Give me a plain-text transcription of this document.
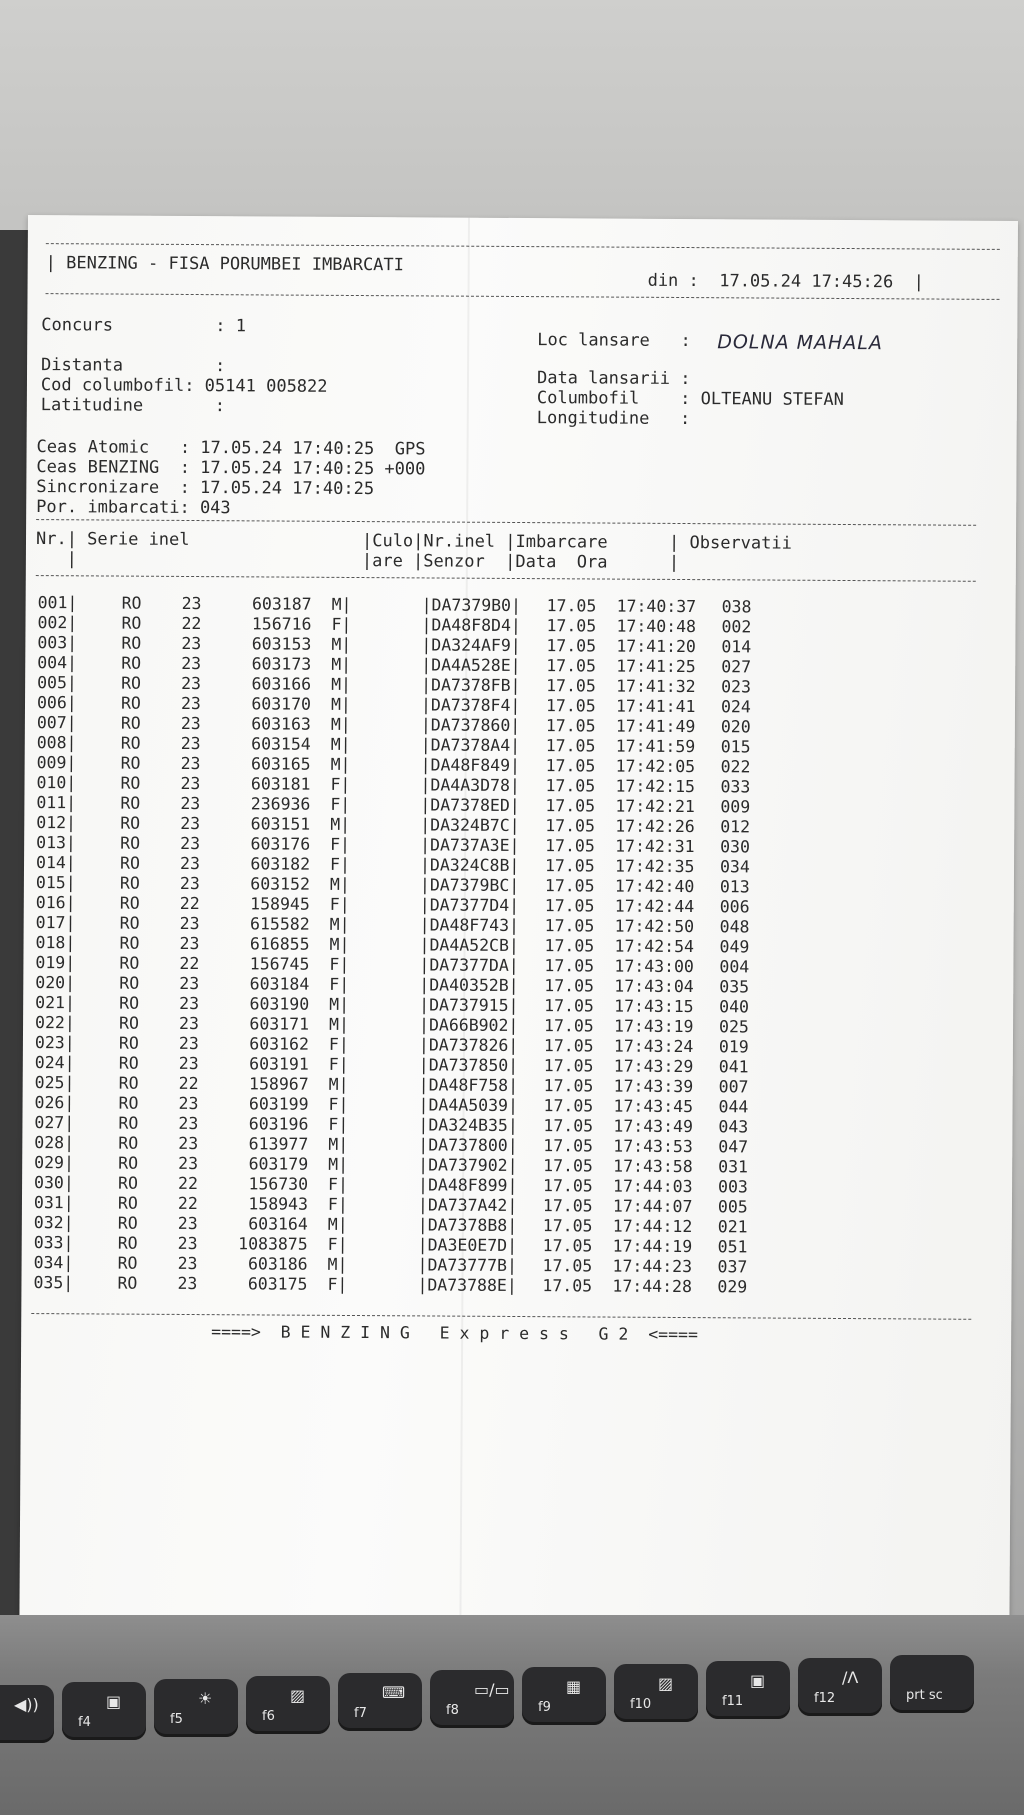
| BENZING - FISA PORUMBEI IMBARCATI
din :  17.05.24 17:45:26  |
Concurs          : 1
Distanta         :
Cod columbofil: 05141 005822
Latitudine       :
Loc lansare   : DOLNA MAHALA
Data lansarii :
Columbofil    : OLTEANU STEFAN
Longitudine   :
Ceas Atomic   : 17.05.24 17:40:25  GPS
Ceas BENZING  : 17.05.24 17:40:25 +000
Sincronizare  : 17.05.24 17:40:25
Por. imbarcati: 043
Nr.| Serie inel	|Culo|Nr.inel |Imbarcare      | Observatii
|	|are |Senzor  |Data  Ora      |
001|	RO 23	603187 M|	|DA7379B0| 17.05 17:40:37 038
002|	RO 22	156716 F|	|DA48F8D4| 17.05 17:40:48 002
003|	RO 23	603153 M|	|DA324AF9| 17.05 17:41:20 014
004|	RO 23	603173 M|	|DA4A528E| 17.05 17:41:25 027
005|	RO 23	603166 M|	|DA7378FB| 17.05 17:41:32 023
006|	RO 23	603170 M|	|DA7378F4| 17.05 17:41:41 024
007|	RO 23	603163 M|	|DA737860| 17.05 17:41:49 020
008|	RO 23	603154 M|	|DA7378A4| 17.05 17:41:59 015
009|	RO 23	603165 M|	|DA48F849| 17.05 17:42:05 022
010|	RO 23	603181 F|	|DA4A3D78| 17.05 17:42:15 033
011|	RO 23	236936 F|	|DA7378ED| 17.05 17:42:21 009
012|	RO 23	603151 M|	|DA324B7C| 17.05 17:42:26 012
013|	RO 23	603176 F|	|DA737A3E| 17.05 17:42:31 030
014|	RO 23	603182 F|	|DA324C8B| 17.05 17:42:35 034
015|	RO 23	603152 M|	|DA7379BC| 17.05 17:42:40 013
016|	RO 22	158945 F|	|DA7377D4| 17.05 17:42:44 006
017|	RO 23	615582 M|	|DA48F743| 17.05 17:42:50 048
018|	RO 23	616855 M|	|DA4A52CB| 17.05 17:42:54 049
019|	RO 22	156745 F|	|DA7377DA| 17.05 17:43:00 004
020|	RO 23	603184 F|	|DA40352B| 17.05 17:43:04 035
021|	RO 23	603190 M|	|DA737915| 17.05 17:43:15 040
022|	RO 23	603171 M|	|DA66B902| 17.05 17:43:19 025
023|	RO 23	603162 F|	|DA737826| 17.05 17:43:24 019
024|	RO 23	603191 F|	|DA737850| 17.05 17:43:29 041
025|	RO 22	158967 M|	|DA48F758| 17.05 17:43:39 007
026|	RO 23	603199 F|	|DA4A5039| 17.05 17:43:45 044
027|	RO 23	603196 F|	|DA324B35| 17.05 17:43:49 043
028|	RO 23	613977 M|	|DA737800| 17.05 17:43:53 047
029|	RO 23	603179 M|	|DA737902| 17.05 17:43:58 031
030|	RO 22	156730 F|	|DA48F899| 17.05 17:44:03 003
031|	RO 22	158943 F|	|DA737A42| 17.05 17:44:07 005
032|	RO 23	603164 M|	|DA7378B8| 17.05 17:44:12 021
033|	RO 23	1083875 F|	|DA3E0E7D| 17.05 17:44:19 051
034|	RO 23	603186 M|	|DA73777B| 17.05 17:44:23 037
035|	RO 23	603175 F|	|DA73788E| 17.05 17:44:28 029
====>  B E N Z I N G   E x p r e s s   G 2  <====
◀))
f4
▣
f5
☀
f6
▨
f7
⌨
f8
▭/▭
f9
▦
f10
▨
f11
▣
f12
/Λ
prt sc
